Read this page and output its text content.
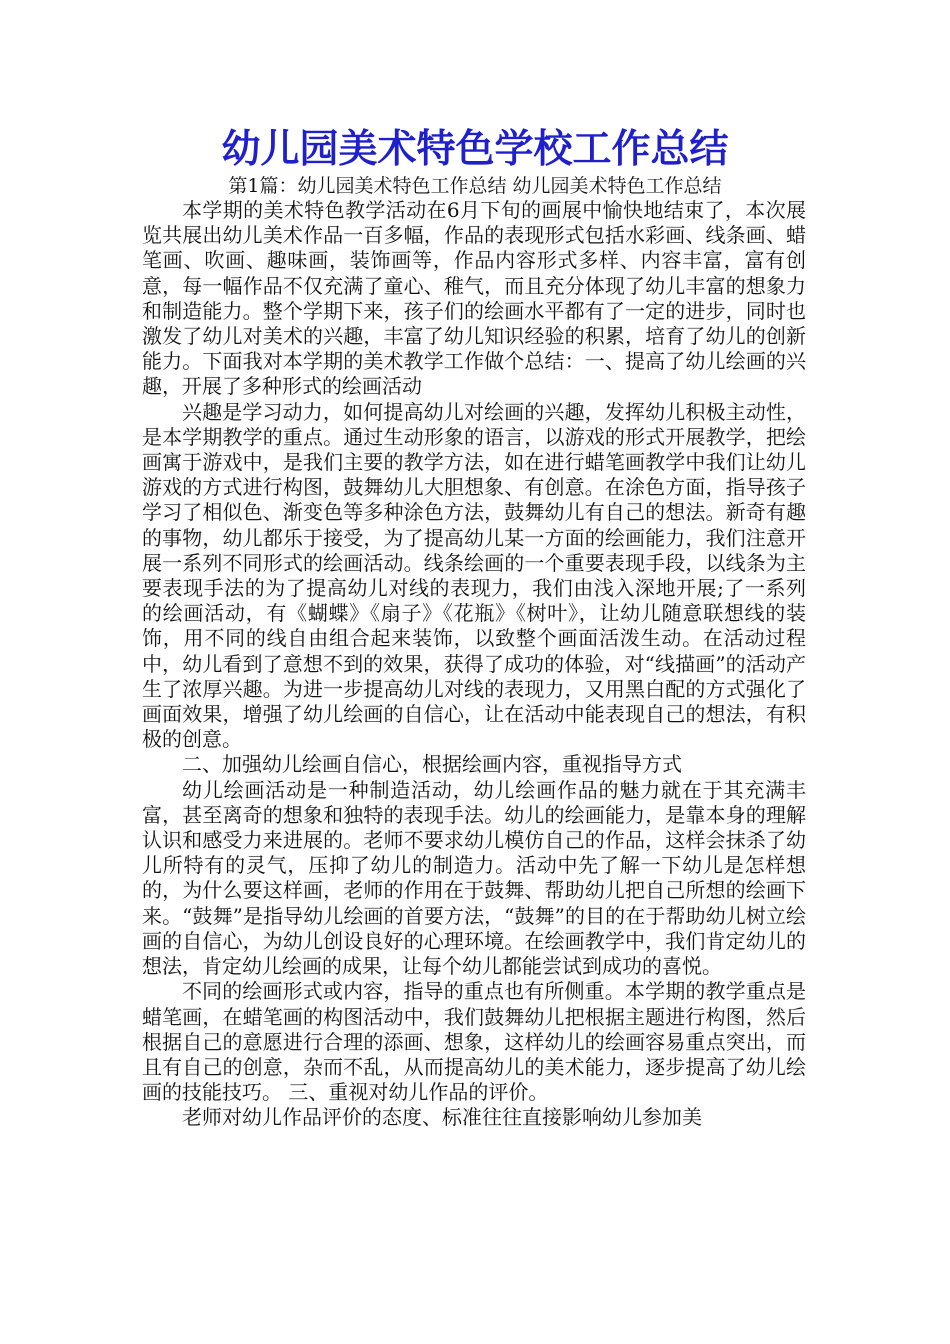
幼儿园美术特色学校工作总结
第1篇：幼儿园美术特色工作总结 幼儿园美术特色工作总结

本学期的美术特色教学活动在6月下旬的画展中愉快地结束了，本次展览共展出幼儿美术作品一百多幅，作品的表现形式包括水彩画、线条画、蜡笔画、吹画、趣味画，装饰画等，作品内容形式多样、内容丰富，富有创意，每一幅作品不仅充满了童心、稚气，而且充分体现了幼儿丰富的想象力和制造能力。整个学期下来，孩子们的绘画水平都有了一定的进步，同时也激发了幼儿对美术的兴趣，丰富了幼儿知识经验的积累，培育了幼儿的创新能力。下面我对本学期的美术教学工作做个总结：一、提高了幼儿绘画的兴趣，开展了多种形式的绘画活动

兴趣是学习动力，如何提高幼儿对绘画的兴趣，发挥幼儿积极主动性，是本学期教学的重点。通过生动形象的语言，以游戏的形式开展教学，把绘画寓于游戏中，是我们主要的教学方法，如在进行蜡笔画教学中我们让幼儿游戏的方式进行构图，鼓舞幼儿大胆想象、有创意。在涂色方面，指导孩子学习了相似色、渐变色等多种涂色方法，鼓舞幼儿有自己的想法。新奇有趣的事物，幼儿都乐于接受，为了提高幼儿某一方面的绘画能力，我们注意开展一系列不同形式的绘画活动。线条绘画的一个重要表现手段，以线条为主要表现手法的为了提高幼儿对线的表现力，我们由浅入深地开展;了一系列的绘画活动，有《蝴蝶》《扇子》《花瓶》《树叶》，让幼儿随意联想线的装饰，用不同的线自由组合起来装饰，以致整个画面活泼生动。在活动过程中，幼儿看到了意想不到的效果，获得了成功的体验，对“线描画”的活动产生了浓厚兴趣。为进一步提高幼儿对线的表现力，又用黑白配的方式强化了画面效果，增强了幼儿绘画的自信心，让在活动中能表现自己的想法，有积极的创意。

二、加强幼儿绘画自信心，根据绘画内容，重视指导方式

幼儿绘画活动是一种制造活动，幼儿绘画作品的魅力就在于其充满丰富，甚至离奇的想象和独特的表现手法。幼儿的绘画能力，是靠本身的理解认识和感受力来进展的。老师不要求幼儿模仿自己的作品，这样会抹杀了幼儿所特有的灵气，压抑了幼儿的制造力。活动中先了解一下幼儿是怎样想的，为什么要这样画，老师的作用在于鼓舞、帮助幼儿把自己所想的绘画下来。“鼓舞”是指导幼儿绘画的首要方法，“鼓舞”的目的在于帮助幼儿树立绘画的自信心，为幼儿创设良好的心理环境。在绘画教学中，我们肯定幼儿的想法，肯定幼儿绘画的成果，让每个幼儿都能尝试到成功的喜悦。

不同的绘画形式或内容，指导的重点也有所侧重。本学期的教学重点是蜡笔画，在蜡笔画的构图活动中，我们鼓舞幼儿把根据主题进行构图，然后根据自己的意愿进行合理的添画、想象，这样幼儿的绘画容易重点突出，而且有自己的创意，杂而不乱，从而提高幼儿的美术能力，逐步提高了幼儿绘画的技能技巧。 三、重视对幼儿作品的评价。

老师对幼儿作品评价的态度、标准往往直接影响幼儿参加美
